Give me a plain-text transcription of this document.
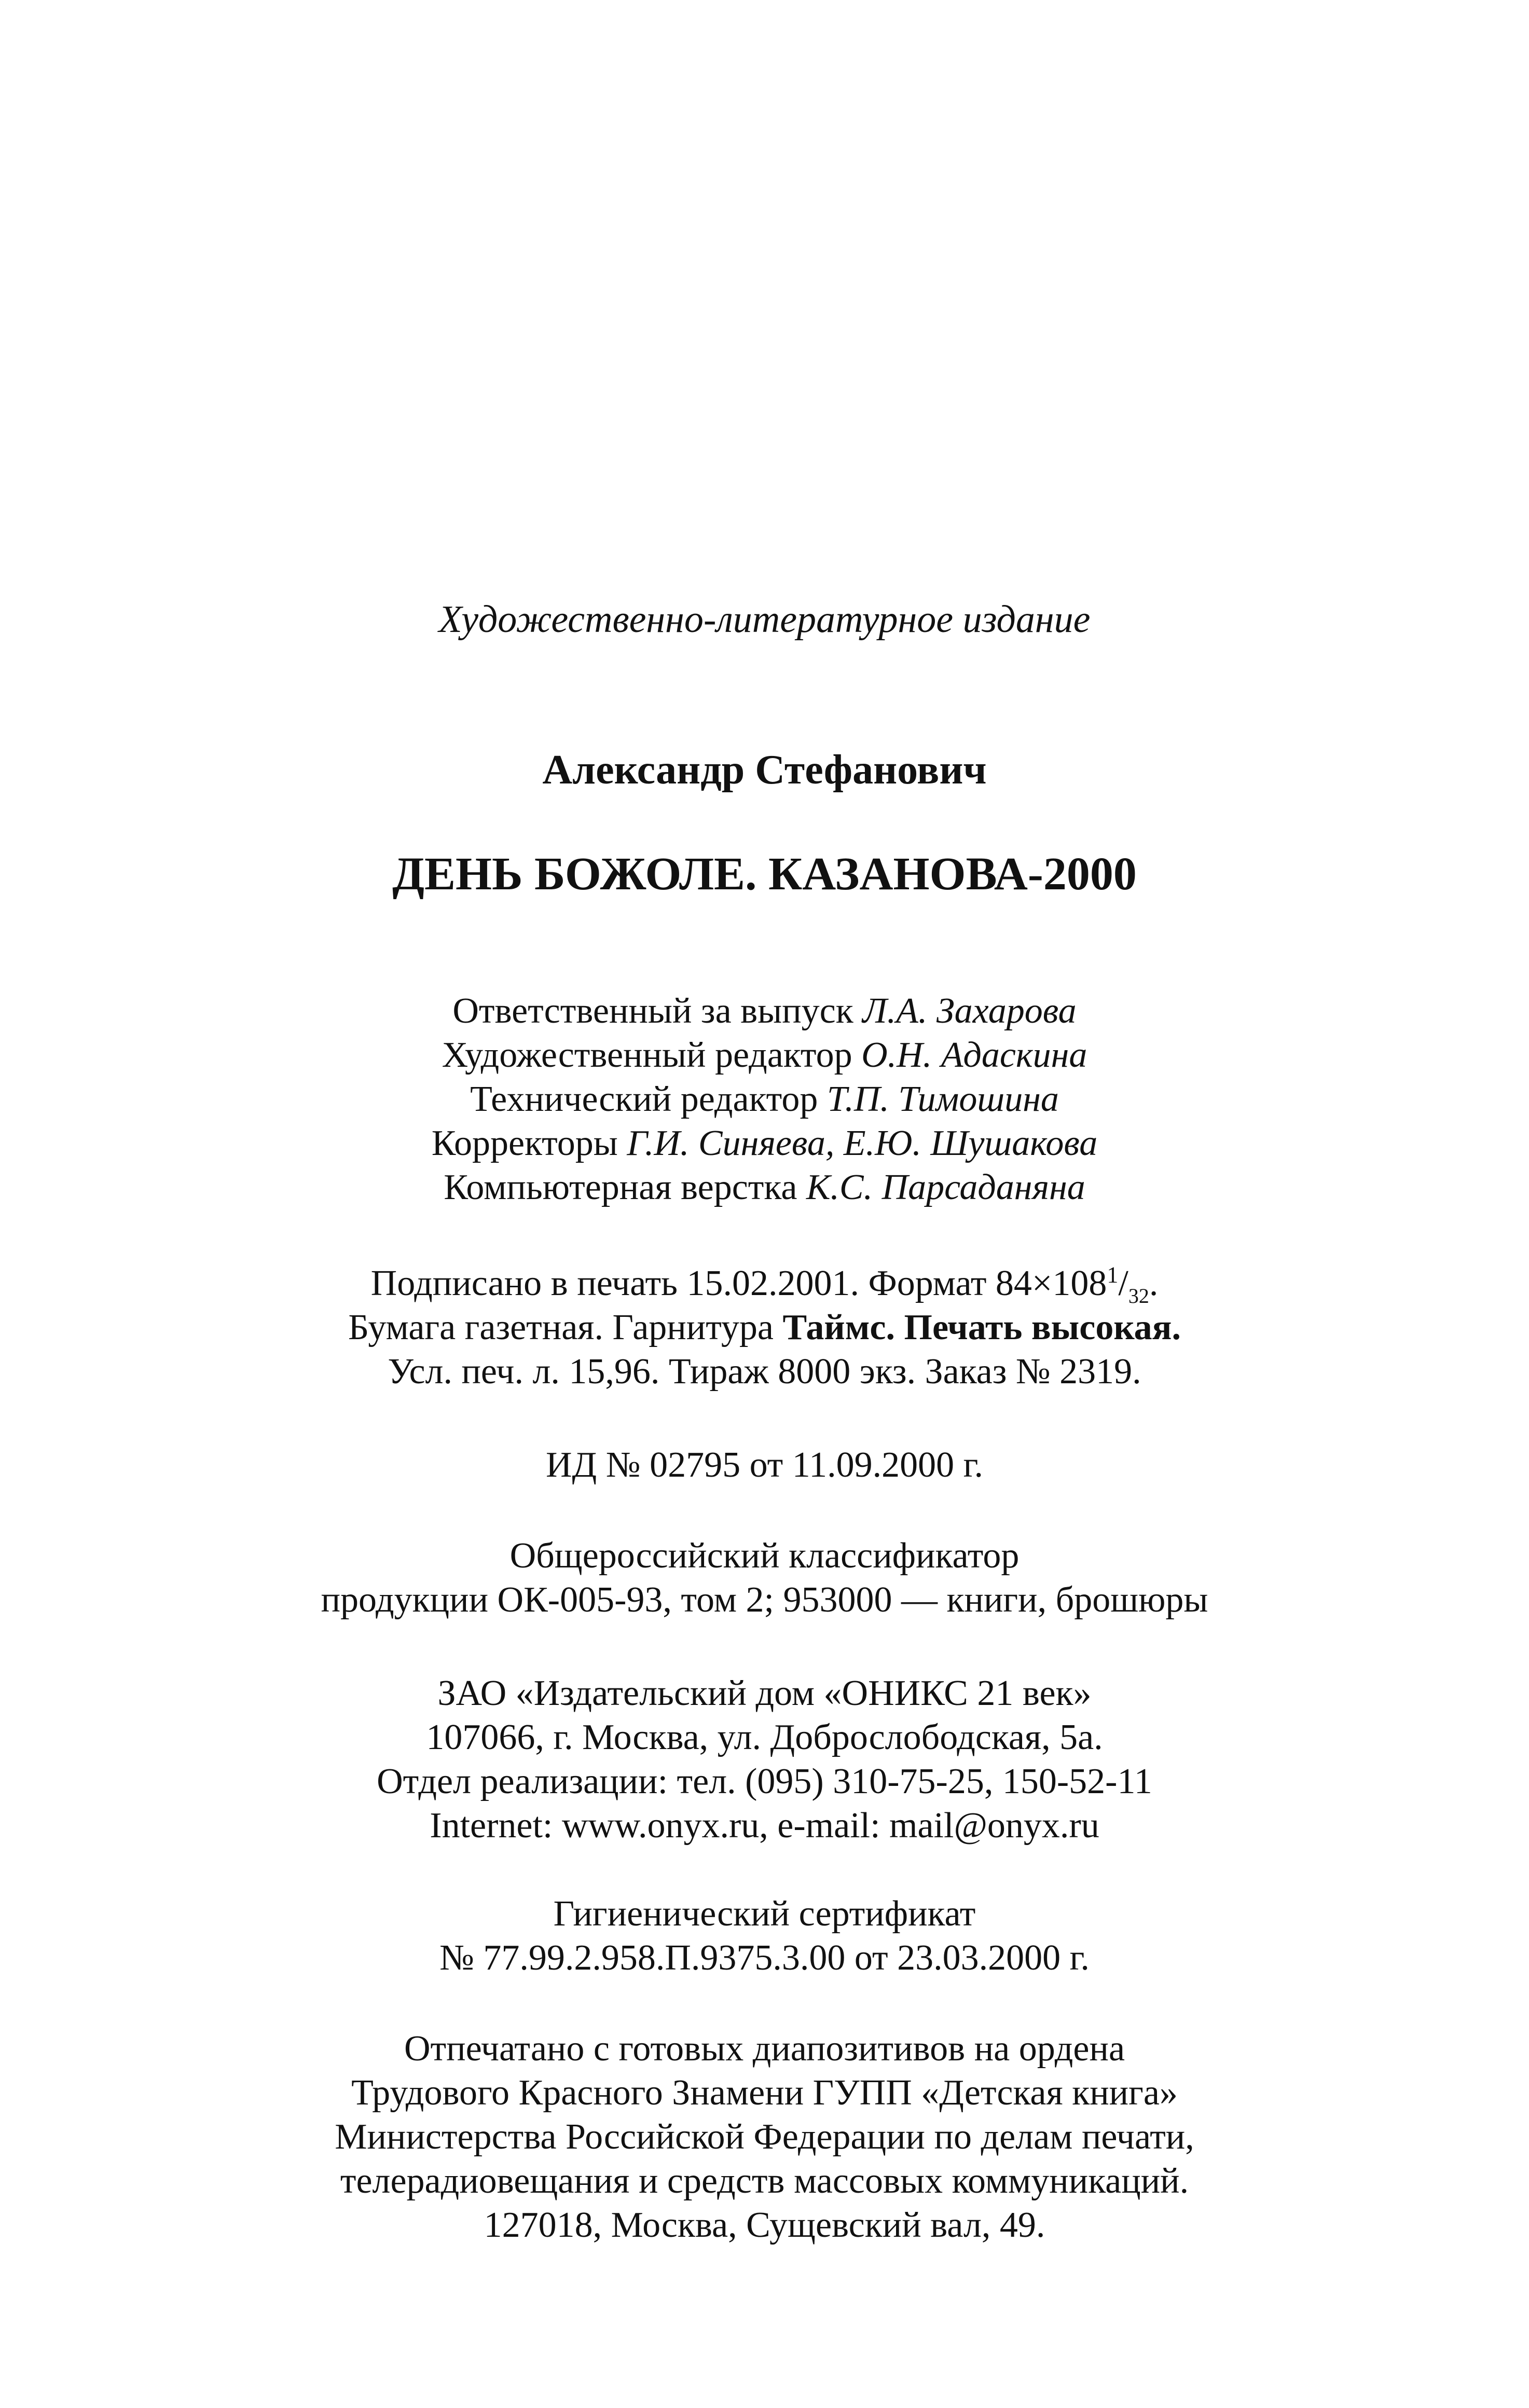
Художественно-литературное издание
Александр Стефанович
ДЕНЬ БОЖОЛЕ. КАЗАНОВА-2000
Ответственный за выпуск Л.А. Захарова
Художественный редактор О.Н. Адаскина
Технический редактор Т.П. Тимошина
Корректоры Г.И. Синяева, Е.Ю. Шушакова
Компьютерная верстка К.С. Парсаданяна
Подписано в печать 15.02.2001. Формат $84\times 108^1/_{32}$.
Бумага газетная. Гарнитура Таймс. Печать высокая.
Усл. печ. л. 15,96. Тираж 8000 экз. Заказ № 2319.
ИД № 02795 от 11.09.2000 г.
Общероссийский классификатор
продукции ОК-005-93, том 2; 953000 — книги, брошюры
ЗАО «Издательский дом «ОНИКС 21 век»
107066, г. Москва, ул. Доброслободская, 5а.
Отдел реализации: тел. (095) 310-75-25, 150-52-11
Internet: www.onyx.ru, e-mail: mail@onyx.ru
Гигиенический сертификат
№ 77.99.2.958.П.9375.3.00 от 23.03.2000 г.
Отпечатано с готовых диапозитивов на ордена
Трудового Красного Знамени ГУПП «Детская книга»
Министерства Российской Федерации по делам печати,
телерадиовещания и средств массовых коммуникаций.
127018, Москва, Сущевский вал, 49.
